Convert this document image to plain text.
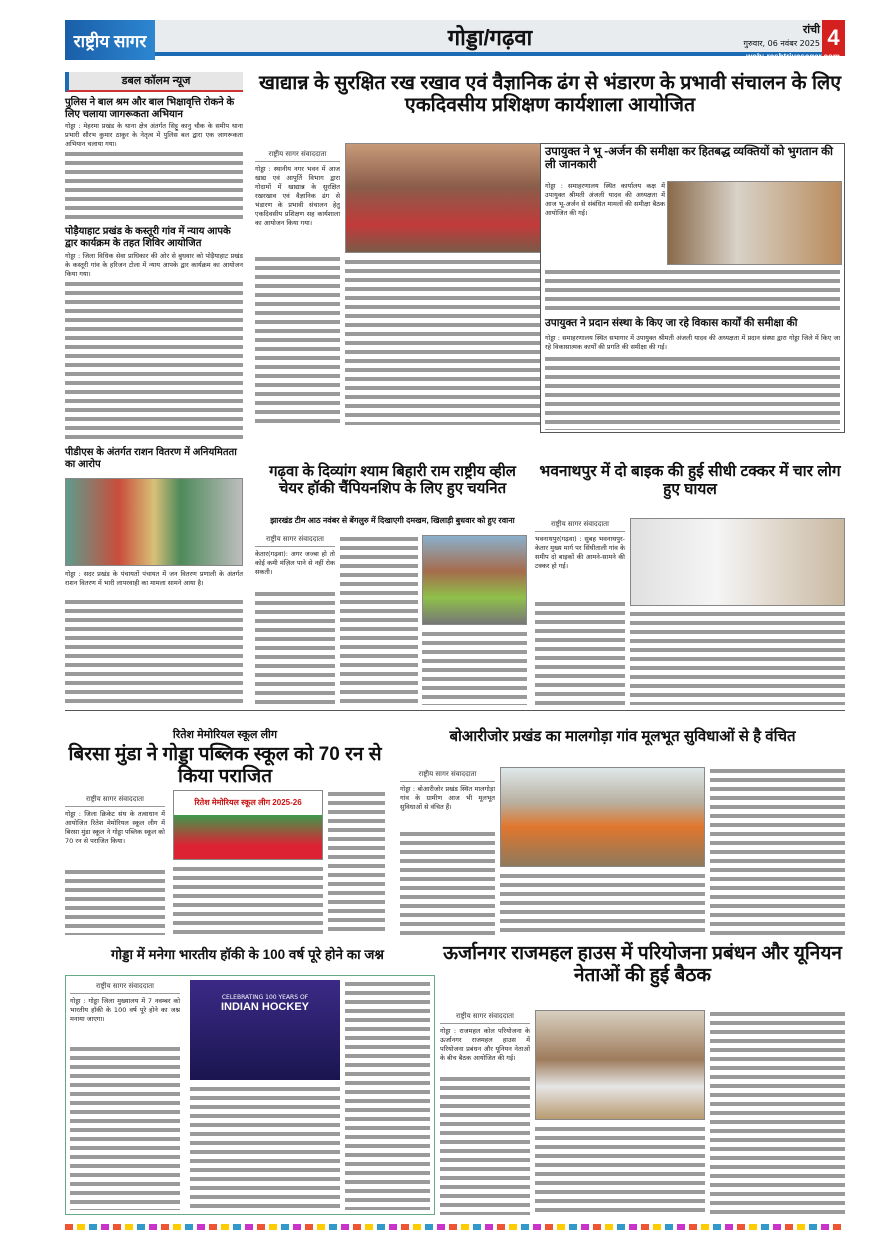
राष्ट्रीय सागर	गोड्डा/गढ़वा	रांची
गुरुवार, 06 नवंबर 2025 4
web: rashtriyasagar.com
डबल कॉलम न्यूज
पुलिस ने बाल श्रम और बाल भिक्षावृत्ति रोकने के लिए चलाया जागरूकता अभियान
गोड्डा : मेहरमा प्रखंड के थाना क्षेत्र अंतर्गत सिट्टू कानु चौक के समीप थाना प्रभारी सौरभ कुमार ठाकुर के नेतृत्व में पुलिस बल द्वारा एक जागरूकता अभियान चलाया गया।
पोड़ैयाहाट प्रखंड के कस्तूरी गांव में न्याय आपके द्वार कार्यक्रम के तहत शिविर आयोजित
गोड्डा : जिला विधिक सेवा प्राधिकार की ओर से बुधवार को पोड़ैयाहाट प्रखंड के कस्तूरी गांव के हरिजन टोला में न्याय आपके द्वार कार्यक्रम का आयोजन किया गया।
पीडीएस के अंतर्गत राशन वितरण में अनियमितता का आरोप
गोड्डा : सदर प्रखंड के पंचायतों पंचायत में जन वितरण प्रणाली के अंतर्गत राशन वितरण में भारी लापरवाही का मामला सामने आया है।
खाद्यान्न के सुरक्षित रख रखाव एवं वैज्ञानिक ढंग से भंडारण के प्रभावी संचालन के लिए एकदिवसीय प्रशिक्षण कार्यशाला आयोजित
राष्ट्रीय सागर संवाददाता
गोड्डा : स्थानीय नगर भवन में आज खाद्य एवं आपूर्ति विभाग द्वारा गोदामों में खाद्यान्न के सुरक्षित रखरखाव एवं वैज्ञानिक ढंग से भंडारण के प्रभावी संचालन हेतु एकदिवसीय प्रशिक्षण सह कार्यशाला का आयोजन किया गया।
उपायुक्त ने भू -अर्जन की समीक्षा कर हितबद्ध व्यक्तियों को भुगतान की ली जानकारी
गोड्डा : समाहरणालय स्थित कार्यालय कक्ष में उपायुक्त श्रीमती अंजली यादव की अध्यक्षता में आज भू-अर्जन से संबंधित मामलों की समीक्षा बैठक आयोजित की गई।
उपायुक्त ने प्रदान संस्था के किए जा रहे विकास कार्यों की समीक्षा की
गोड्डा : समाहरणालय स्थित सभागार में उपायुक्त श्रीमती अंजली यादव की अध्यक्षता में प्रदान संस्था द्वारा गोड्डा जिले में किए जा रहे विकासात्मक कार्यों की प्रगति की समीक्षा की गई।
गढ़वा के दिव्यांग श्याम बिहारी राम राष्ट्रीय व्हील चेयर हॉकी चैंपियनशिप के लिए हुए चयनित
झारखंड टीम आठ नवंबर से बेंगलुरु में दिखाएगी दमखम, खिलाड़ी बुधवार को हुए रवाना
राष्ट्रीय सागर संवाददाता
केतार(गढ़वा): अगर जज्बा हो तो कोई कमी मंज़िल पाने से नहीं रोक सकती।
भवनाथपुर में दो बाइक की हुई सीधी टक्कर में चार लोग हुए घायल
राष्ट्रीय सागर संवाददाता
भवनाथपुर(गढ़वा) : सुबह भवनाथपुर-केतार मुख्य मार्ग पर सिंघीताली गांव के समीप दो बाइकों की आमने-सामने की टक्कर हो गई।
रितेश मेमोरियल स्कूल लीग
बिरसा मुंडा ने गोड्डा पब्लिक स्कूल को 70 रन से किया पराजित
राष्ट्रीय सागर संवाददाता
गोड्डा : जिला क्रिकेट संघ के तत्वाधान में आयोजित रितेश मेमोरियल स्कूल लीग में बिरसा मुंडा स्कूल ने गोड्डा पब्लिक स्कूल को 70 रन से पराजित किया।
रितेश मेमोरियल स्कूल लीग 2025-26
बोआरीजोर प्रखंड का मालगोड़ा गांव मूलभूत सुविधाओं से है वंचित
राष्ट्रीय सागर संवाददाता
गोड्डा : बोआरीजोर प्रखंड स्थित मालगोड़ा गांव के ग्रामीण आज भी मूलभूत सुविधाओं से वंचित हैं।
गोड्डा में मनेगा भारतीय हॉकी के 100 वर्ष पूरे होने का जश्न
राष्ट्रीय सागर संवाददाता
गोड्डा : गोड्डा जिला मुख्यालय में 7 नवम्बर को भारतीय हॉकी के 100 वर्ष पूरे होने का जश्न मनाया जाएगा।
CELEBRATING 100 YEARS OF
INDIAN HOCKEY
ऊर्जानगर राजमहल हाउस में परियोजना प्रबंधन और यूनियन नेताओं की हुई बैठक
राष्ट्रीय सागर संवाददाता
गोड्डा : राजमहल कोल परियोजना के ऊर्जानगर राजमहल हाउस में परियोजना प्रबंधन और यूनियन नेताओं के बीच बैठक आयोजित की गई।
